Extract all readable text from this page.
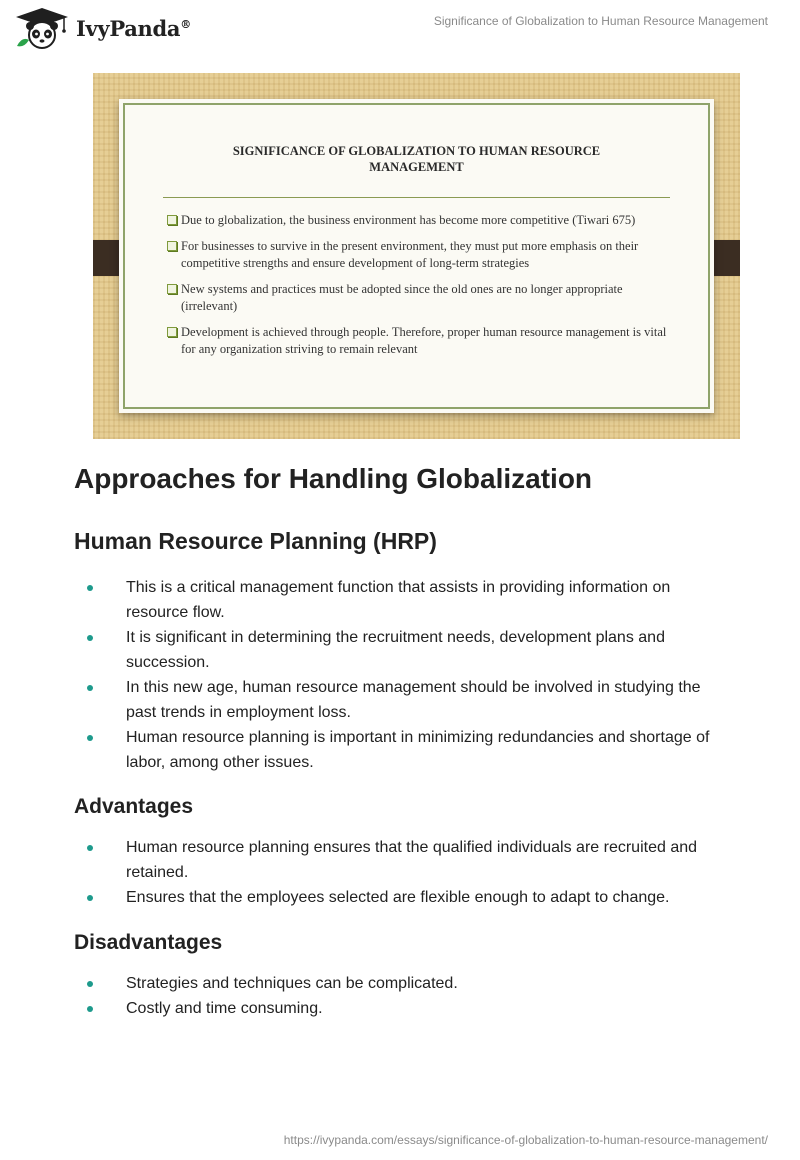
IvyPanda®	Significance of Globalization to Human Resource Management
SIGNIFICANCE OF GLOBALIZATION TO HUMAN RESOURCE
MANAGEMENT
Due to globalization, the business environment has become more competitive (Tiwari 675)
For businesses to survive in the present environment, they must put more emphasis on their competitive strengths and ensure development of long-term strategies
New systems and practices must be adopted since the old ones are no longer appropriate (irrelevant)
Development is achieved through people. Therefore, proper human resource management is vital for any organization striving to remain relevant
Approaches for Handling Globalization
Human Resource Planning (HRP)
This is a critical management function that assists in providing information on resource flow.
It is significant in determining the recruitment needs, development plans and succession.
In this new age, human resource management should be involved in studying the past trends in employment loss.
Human resource planning is important in minimizing redundancies and shortage of labor, among other issues.
Advantages
Human resource planning ensures that the qualified individuals are recruited and retained.
Ensures that the employees selected are flexible enough to adapt to change.
Disadvantages
Strategies and techniques can be complicated.
Costly and time consuming.
https://ivypanda.com/essays/significance-of-globalization-to-human-resource-management/
